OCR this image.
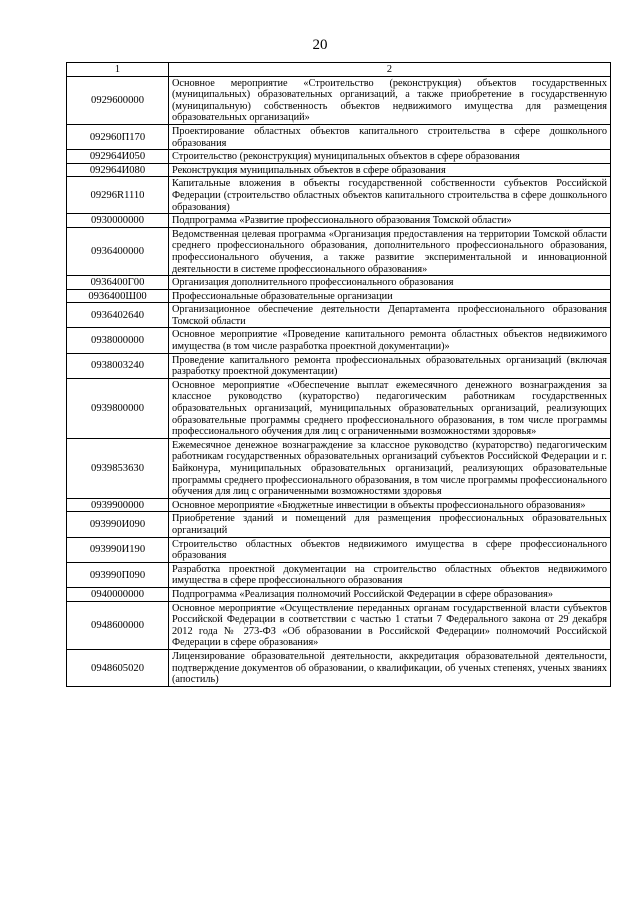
20
1	2
0929600000	Основное мероприятие «Строительство (реконструкция) объектов государственных (муниципальных) образовательных организаций, а также приобретение в государственную (муниципальную) собственность объектов недвижимого имущества для размещения образовательных организаций»
092960П170	Проектирование областных объектов капитального строительства в сфере дошкольного образования
092964И050	Строительство (реконструкция) муниципальных объектов в сфере образования
092964И080	Реконструкция муниципальных объектов в сфере образования
09296R1110	Капитальные вложения в объекты государственной собственности субъектов Российской Федерации (строительство областных объектов капитального строительства в сфере дошкольного образования)
0930000000	Подпрограмма «Развитие профессионального образования Томской области»
0936400000	Ведомственная целевая программа «Организация предоставления на территории Томской области среднего профессионального образования, дополнительного профессионального образования, профессионального обучения, а также развитие экспериментальной и инновационной деятельности в системе профессионального образования»
0936400Г00	Организация дополнительного профессионального образования
0936400Ш00	Профессиональные образовательные организации
0936402640	Организационное обеспечение деятельности Департамента профессионального образования Томской области
0938000000	Основное мероприятие «Проведение капитального ремонта областных объектов недвижимого имущества (в том числе разработка проектной документации)»
0938003240	Проведение капитального ремонта профессиональных образовательных организаций (включая разработку проектной документации)
0939800000	Основное мероприятие «Обеспечение выплат ежемесячного денежного вознаграждения за классное руководство (кураторство) педагогическим работникам государственных образовательных организаций, муниципальных образовательных организаций, реализующих образовательные программы среднего профессионального образования, в том числе программы профессионального обучения для лиц с ограниченными возможностями здоровья»
0939853630	Ежемесячное денежное вознаграждение за классное руководство (кураторство) педагогическим работникам государственных образовательных организаций субъектов Российской Федерации и г. Байконура, муниципальных образовательных организаций, реализующих образовательные программы среднего профессионального образования, в том числе программы профессионального обучения для лиц с ограниченными возможностями здоровья
0939900000	Основное мероприятие «Бюджетные инвестиции в объекты профессионального образования»
093990И090	Приобретение зданий и помещений для размещения профессиональных образовательных организаций
093990И190	Строительство областных объектов недвижимого имущества в сфере профессионального образования
093990П090	Разработка проектной документации на строительство областных объектов недвижимого имущества в сфере профессионального образования
0940000000	Подпрограмма «Реализация полномочий Российской Федерации в сфере образования»
0948600000	Основное мероприятие «Осуществление переданных органам государственной власти субъектов Российской Федерации в соответствии с частью 1 статьи 7 Федерального закона от 29 декабря 2012 года № 273-ФЗ «Об образовании в Российской Федерации» полномочий Российской Федерации в сфере образования»
0948605020	Лицензирование образовательной деятельности, аккредитация образовательной деятельности, подтверждение документов об образовании, о квалификации, об ученых степенях, ученых званиях (апостиль)
